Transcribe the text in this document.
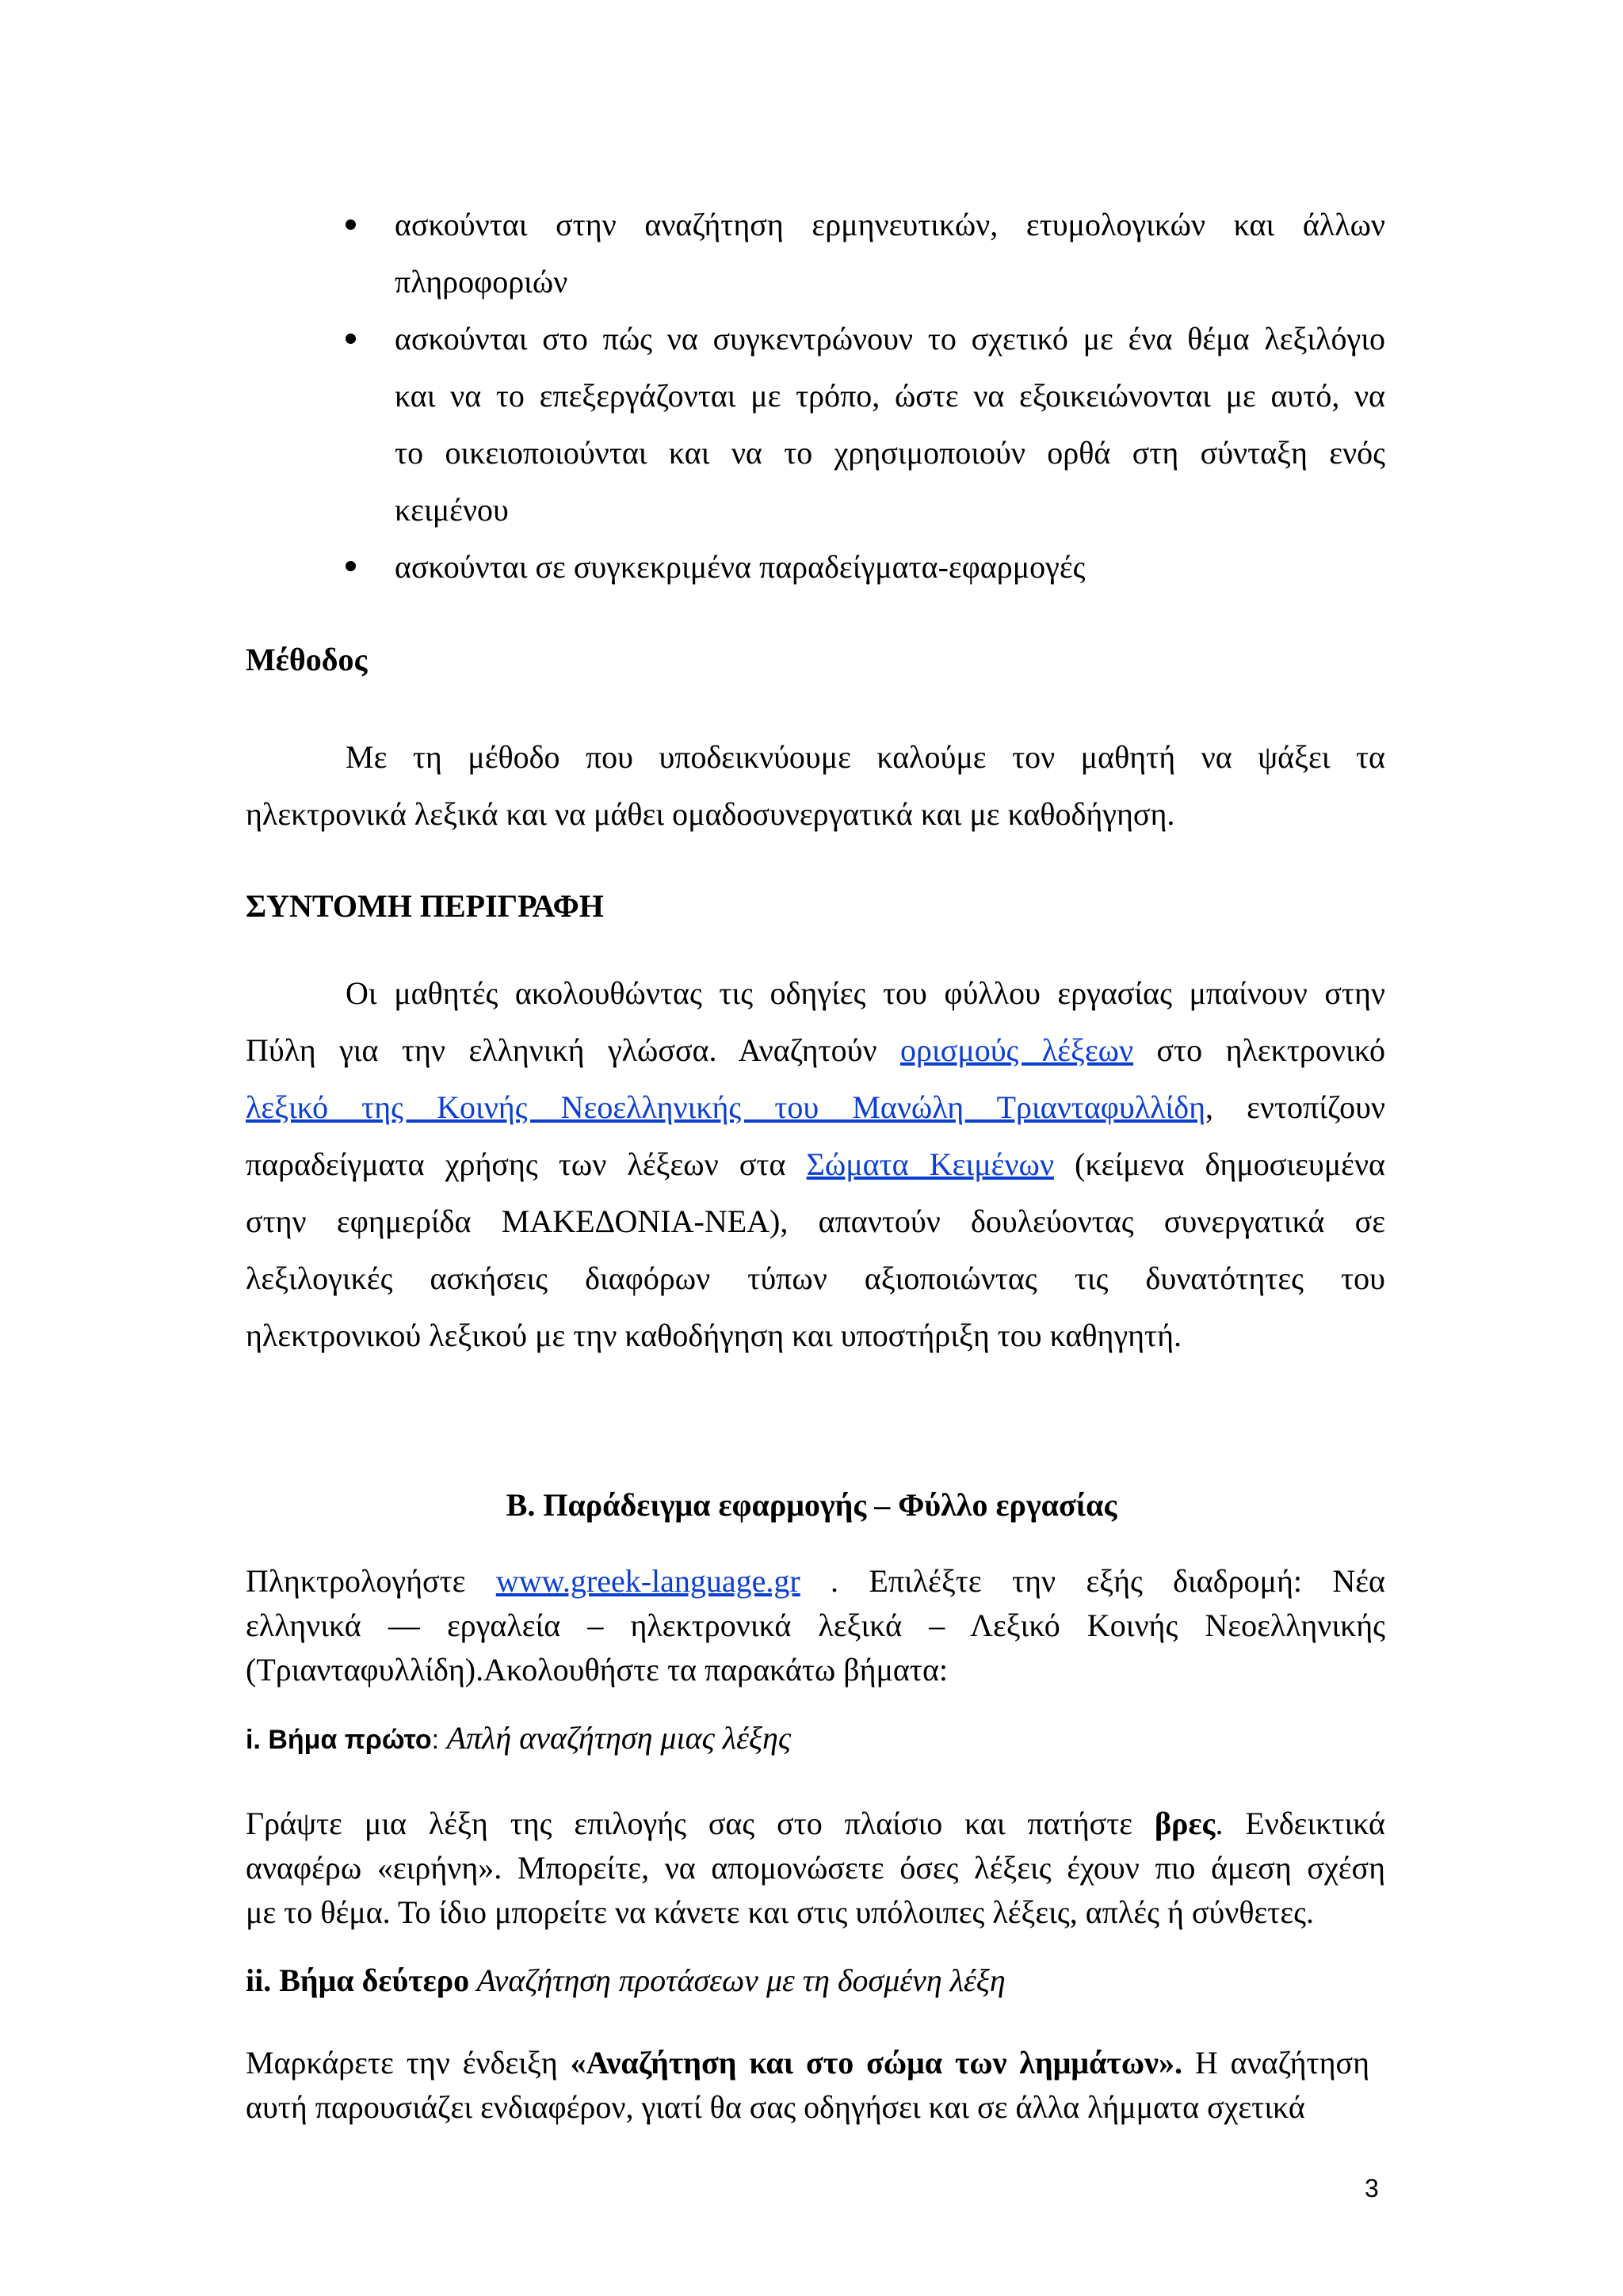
ασκούνται στην αναζήτηση ερμηνευτικών, ετυμολογικών και άλλων

πληροφοριών

ασκούνται στο πώς να συγκεντρώνουν το σχετικό με ένα θέμα λεξιλόγιο

και να το επεξεργάζονται με τρόπο, ώστε να εξοικειώνονται με αυτό, να

το οικειοποιούνται και να το χρησιμοποιούν ορθά στη σύνταξη ενός

κειμένου

ασκούνται σε συγκεκριμένα παραδείγματα-εφαρμογές

Μέθοδος

Με τη μέθοδο που υποδεικνύουμε καλούμε τον μαθητή να ψάξει τα

ηλεκτρονικά λεξικά και να μάθει ομαδοσυνεργατικά και με καθοδήγηση.

ΣΥΝΤΟΜΗ ΠΕΡΙΓΡΑΦΗ

Οι μαθητές ακολουθώντας τις οδηγίες του φύλλου εργασίας μπαίνουν στην

Πύλη για την ελληνική γλώσσα. Αναζητούν ορισμούς λέξεων στο ηλεκτρονικό

λεξικό της Κοινής Νεοελληνικής του Μανώλη Τριανταφυλλίδη, εντοπίζουν

παραδείγματα χρήσης των λέξεων στα Σώματα Κειμένων (κείμενα δημοσιευμένα

στην εφημερίδα ΜΑΚΕΔΟΝΙΑ-ΝΕΑ), απαντούν δουλεύοντας συνεργατικά σε

λεξιλογικές ασκήσεις διαφόρων τύπων αξιοποιώντας τις δυνατότητες του

ηλεκτρονικού λεξικού με την καθοδήγηση και υποστήριξη του καθηγητή.

Β. Παράδειγμα εφαρμογής – Φύλλο εργασίας

Πληκτρολογήστε www.greek-language.gr . Επιλέξτε την εξής διαδρομή: Νέα

ελληνικά — εργαλεία – ηλεκτρονικά λεξικά – Λεξικό Κοινής Νεοελληνικής

(Τριανταφυλλίδη).Ακολουθήστε τα παρακάτω βήματα:

i. Βήμα πρώτο: Απλή αναζήτηση μιας λέξης

Γράψτε μια λέξη της επιλογής σας στο πλαίσιο και πατήστε βρες. Ενδεικτικά

αναφέρω «ειρήνη». Μπορείτε, να απομονώσετε όσες λέξεις έχουν πιο άμεση σχέση

με το θέμα. Το ίδιο μπορείτε να κάνετε και στις υπόλοιπες λέξεις, απλές ή σύνθετες.

ii. Βήμα δεύτερο Αναζήτηση προτάσεων με τη δοσμένη λέξη

Μαρκάρετε την ένδειξη «Αναζήτηση και στο σώμα των λημμάτων». Η αναζήτηση

αυτή παρουσιάζει ενδιαφέρον, γιατί θα σας οδηγήσει και σε άλλα λήμματα σχετικά

3
